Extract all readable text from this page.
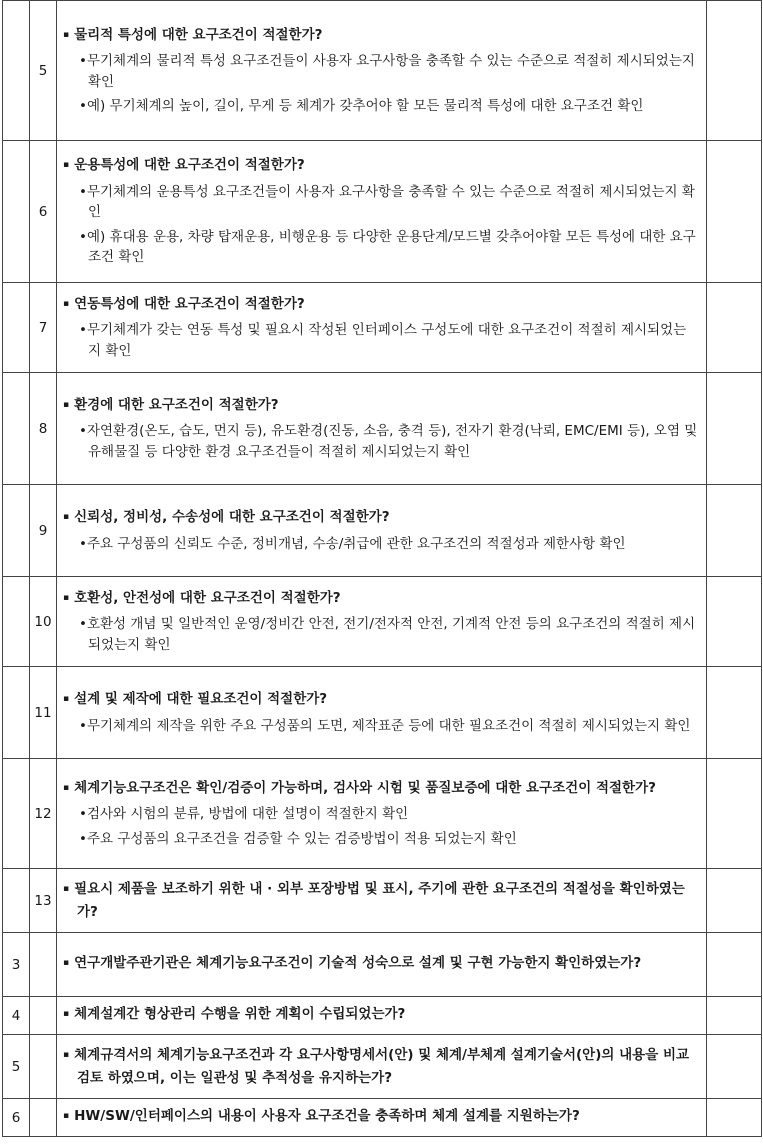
	5	▪ 물리적 특성에 대한 요구조건이 적절한가?
•무기체계의 물리적 특성 요구조건들이 사용자 요구사항을 충족할 수 있는 수준으로 적절히 제시되었는지 확인
•예) 무기체계의 높이, 길이, 무게 등 체계가 갖추어야 할 모든 물리적 특성에 대한 요구조건 확인	

	6	▪ 운용특성에 대한 요구조건이 적절한가?
•무기체계의 운용특성 요구조건들이 사용자 요구사항을 충족할 수 있는 수준으로 적절히 제시되었는지 확인
•예) 휴대용 운용, 차량 탑재운용, 비행운용 등 다양한 운용단계/모드별 갖추어야할 모든 특성에 대한 요구조건 확인	

	7	▪ 연동특성에 대한 요구조건이 적절한가?
•무기체계가 갖는 연동 특성 및 필요시 작성된 인터페이스 구성도에 대한 요구조건이 적절히 제시되었는지 확인	

	8	▪ 환경에 대한 요구조건이 적절한가?
•자연환경(온도, 습도, 먼지 등), 유도환경(진동, 소음, 충격 등), 전자기 환경(낙뢰, EMC/EMI 등), 오염 및 유해물질 등 다양한 환경 요구조건들이 적절히 제시되었는지 확인	

	9	▪ 신뢰성, 정비성, 수송성에 대한 요구조건이 적절한가?
•주요 구성품의 신뢰도 수준, 정비개념, 수송/취급에 관한 요구조건의 적절성과 제한사항 확인	

	10	▪ 호환성, 안전성에 대한 요구조건이 적절한가?
•호환성 개념 및 일반적인 운영/정비간 안전, 전기/전자적 안전, 기계적 안전 등의 요구조건의 적절히 제시되었는지 확인	

	11	▪ 설계 및 제작에 대한 필요조건이 적절한가?
•무기체계의 제작을 위한 주요 구성품의 도면, 제작표준 등에 대한 필요조건이 적절히 제시되었는지 확인	

	12	▪ 체계기능요구조건은 확인/검증이 가능하며, 검사와 시험 및 품질보증에 대한 요구조건이 적절한가?
•검사와 시험의 분류, 방법에 대한 설명이 적절한지 확인
•주요 구성품의 요구조건을 검증할 수 있는 검증방법이 적용 되었는지 확인	

	13	▪ 필요시 제품을 보조하기 위한 내 · 외부 포장방법 및 표시, 주기에 관한 요구조건의 적절성을 확인하였는가?	

3		▪ 연구개발주관기관은 체계기능요구조건이 기술적 성숙으로 설계 및 구현 가능한지 확인하였는가?	

4		▪ 체계설계간 형상관리 수행을 위한 계획이 수립되었는가?	

5		▪ 체계규격서의 체계기능요구조건과 각 요구사항명세서(안) 및 체계/부체계 설계기술서(안)의 내용을 비교검토 하였으며, 이는 일관성 및 추적성을 유지하는가?	

6		▪ HW/SW/인터페이스의 내용이 사용자 요구조건을 충족하며 체계 설계를 지원하는가?	
